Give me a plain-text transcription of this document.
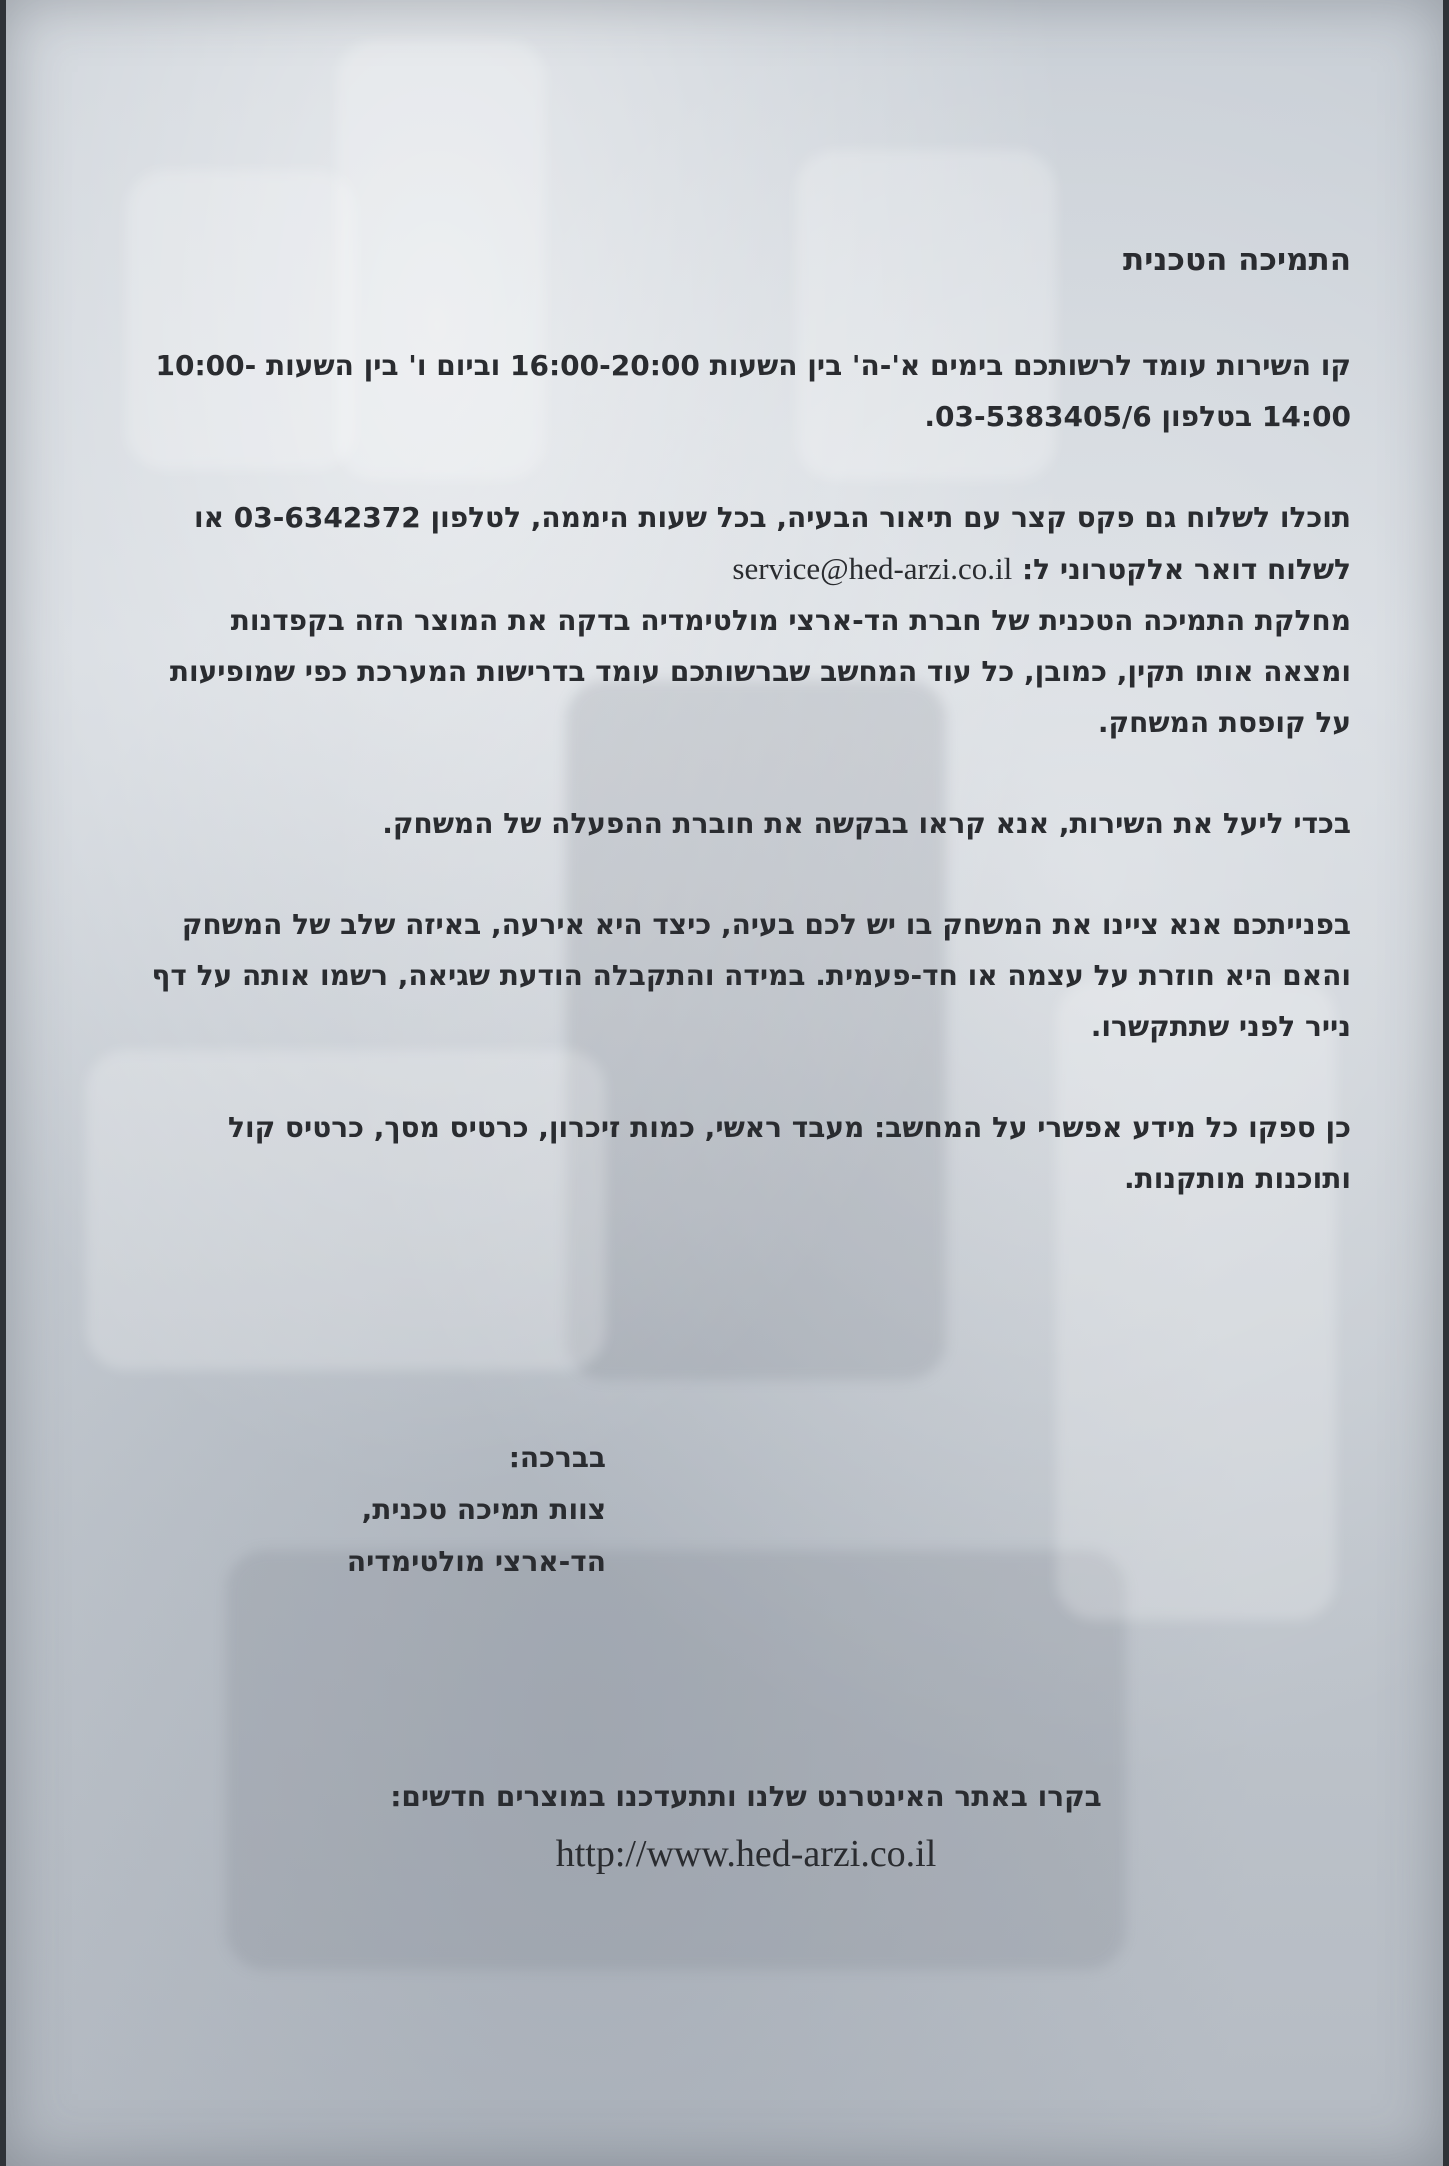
התמיכה הטכנית
קו השירות עומד לרשותכם בימים א'-ה' בין השעות 16:00-20:00 וביום ו' בין השעות 10:00-14:00 בטלפון 03-5383405/6.
תוכלו לשלוח גם פקס קצר עם תיאור הבעיה, בכל שעות היממה, לטלפון 03-6342372 או לשלוח דואר אלקטרוני ל: service@hed-arzi.co.il
מחלקת התמיכה הטכנית של חברת הד-ארצי מולטימדיה בדקה את המוצר הזה בקפדנות ומצאה אותו תקין, כמובן, כל עוד המחשב שברשותכם עומד בדרישות המערכת כפי שמופיעות על קופסת המשחק.
בכדי ליעל את השירות, אנא קראו בבקשה את חוברת ההפעלה של המשחק.
בפנייתכם אנא ציינו את המשחק בו יש לכם בעיה, כיצד היא אירעה, באיזה שלב של המשחק והאם היא חוזרת על עצמה או חד-פעמית. במידה והתקבלה הודעת שגיאה, רשמו אותה על דף נייר לפני שתתקשרו.
כן ספקו כל מידע אפשרי על המחשב: מעבד ראשי, כמות זיכרון, כרטיס מסך, כרטיס קול ותוכנות מותקנות.
בברכה:
צוות תמיכה טכנית,
הד-ארצי מולטימדיה
בקרו באתר האינטרנט שלנו ותתעדכנו במוצרים חדשים:
http://www.hed-arzi.co.il
